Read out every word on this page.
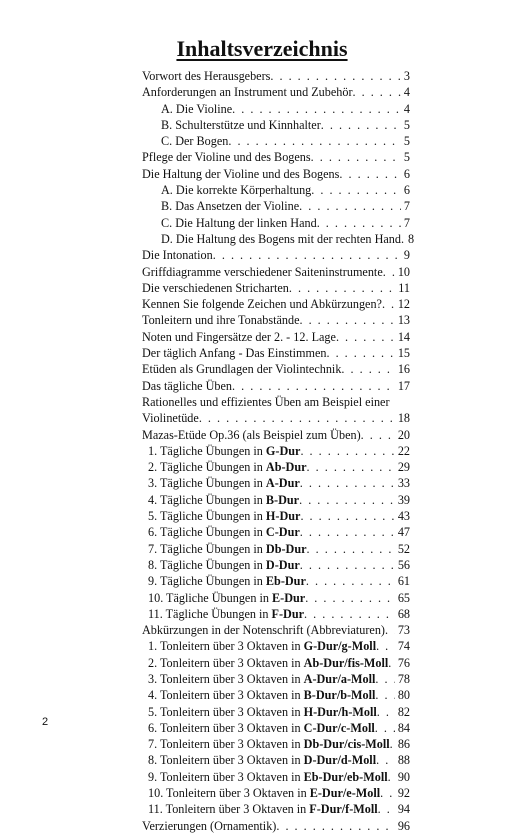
Inhaltsverzeichnis
Vorwort des Herausgebers . . .	3
Anforderungen an Instrument und Zubehör . . .	4
A. Die Violine . . .	4
B. Schulterstütze und Kinnhalter . . .	5
C. Der Bogen . . .	5
Pflege der Violine und des Bogens . . .	5
Die Haltung der Violine und des Bogens . . .	6
A. Die korrekte Körperhaltung . . .	6
B. Das Ansetzen der Violine . . .	7
C. Die Haltung der linken Hand . . .	7
D. Die Haltung des Bogens mit der rechten Hand . . . 8
Die Intonation . . .	9
Griffdiagramme verschiedener Saiteninstrumente . . . 10
Die verschiedenen Stricharten . . .	11
Kennen Sie folgende Zeichen und Abkürzungen? . . . 12
Tonleitern und ihre Tonabstände . . .	13
Noten und Fingersätze der 2. - 12. Lage . . .	14
Der täglich Anfang - Das Einstimmen . . .	15
Etüden als Grundlagen der Violintechnik . . .	16
Das tägliche Üben . . .	17
Rationelles und effizientes Üben am Beispiel einer
Violinetüde . . .	18
Mazas-Etüde Op.36 (als Beispiel zum Üben) . . .	20
1. Tägliche Übungen in G-Dur . . .	22
2. Tägliche Übungen in Ab-Dur . . .	29
3. Tägliche Übungen in A-Dur . . .	33
4. Tägliche Übungen in B-Dur . . .	39
5. Tägliche Übungen in H-Dur . . .	43
6. Tägliche Übungen in C-Dur . . .	47
7. Tägliche Übungen in Db-Dur . . .	52
8. Tägliche Übungen in D-Dur . . .	56
9. Tägliche Übungen in Eb-Dur . . .	61
10. Tägliche Übungen in E-Dur . . .	65
11. Tägliche Übungen in F-Dur . . .	68
Abkürzungen in der Notenschrift (Abbreviaturen) . . . 73
1. Tonleitern über 3 Oktaven in G-Dur/g-Moll . . . 74
2. Tonleitern über 3 Oktaven in Ab-Dur/fis-Moll . . . 76
3. Tonleitern über 3 Oktaven in A-Dur/a-Moll . . . 78
4. Tonleitern über 3 Oktaven in B-Dur/b-Moll . . . 80
5. Tonleitern über 3 Oktaven in H-Dur/h-Moll . . . 82
6. Tonleitern über 3 Oktaven in C-Dur/c-Moll . . . 84
7. Tonleitern über 3 Oktaven in Db-Dur/cis-Moll . . . 86
8. Tonleitern über 3 Oktaven in D-Dur/d-Moll . . . 88
9. Tonleitern über 3 Oktaven in Eb-Dur/eb-Moll . . . 90
10. Tonleitern über 3 Oktaven in E-Dur/e-Moll . . . 92
11. Tonleitern über 3 Oktaven in F-Dur/f-Moll . . . 94
Verzierungen (Ornamentik) . . .	96
2
